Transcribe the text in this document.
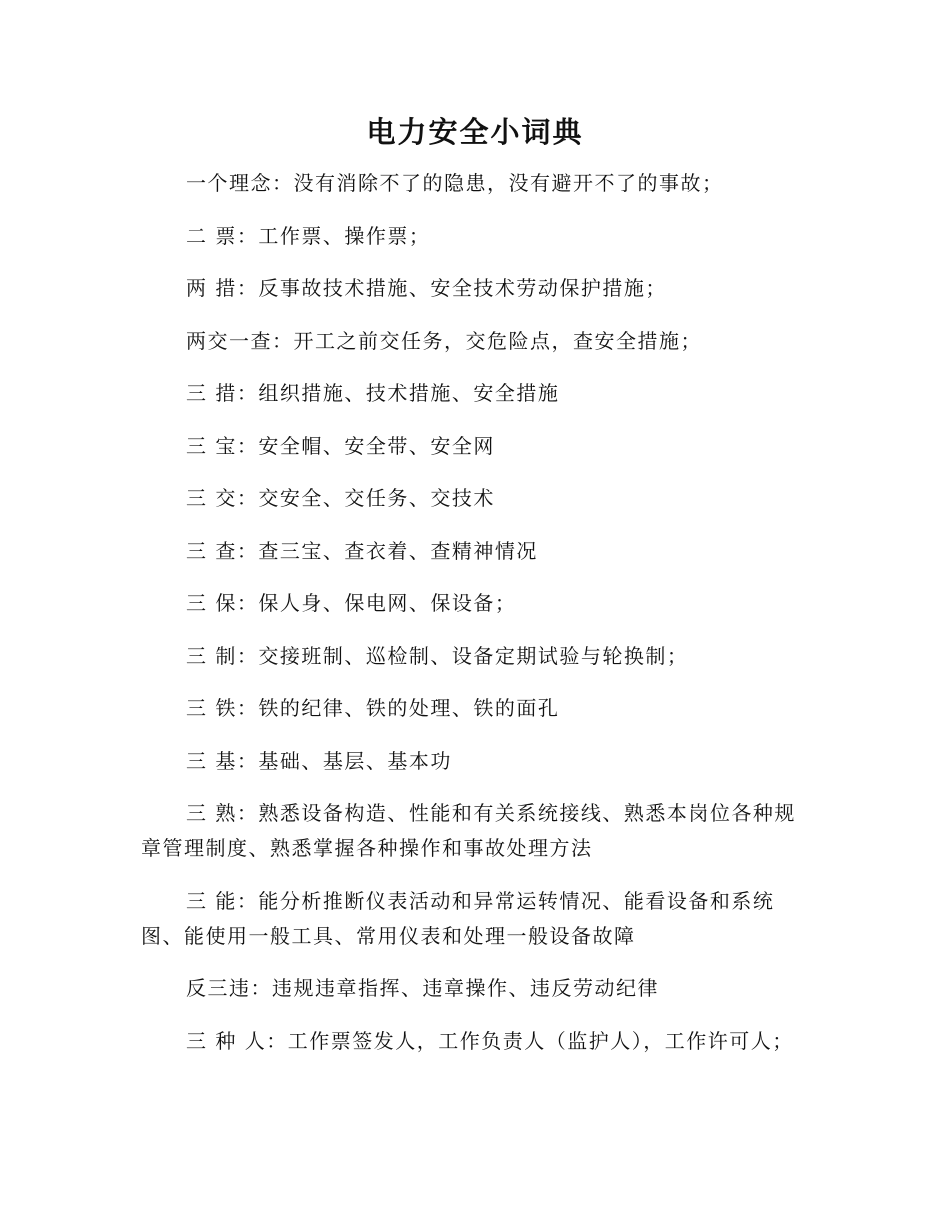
电力安全小词典

一个理念：没有消除不了的隐患，没有避开不了的事故；

二 票：工作票、操作票；

两 措：反事故技术措施、安全技术劳动保护措施；

两交一查：开工之前交任务，交危险点，查安全措施；

三 措：组织措施、技术措施、安全措施

三 宝：安全帽、安全带、安全网

三 交：交安全、交任务、交技术

三 查：查三宝、查衣着、查精神情况

三 保：保人身、保电网、保设备；

三 制：交接班制、巡检制、设备定期试验与轮换制；

三 铁：铁的纪律、铁的处理、铁的面孔

三 基：基础、基层、基本功

三 熟：熟悉设备构造、性能和有关系统接线、熟悉本岗位各种规章管理制度、熟悉掌握各种操作和事故处理方法

三 能：能分析推断仪表活动和异常运转情况、能看设备和系统图、能使用一般工具、常用仪表和处理一般设备故障

反三违：违规违章指挥、违章操作、违反劳动纪律

三 种 人：工作票签发人，工作负责人（监护人），工作许可人；
